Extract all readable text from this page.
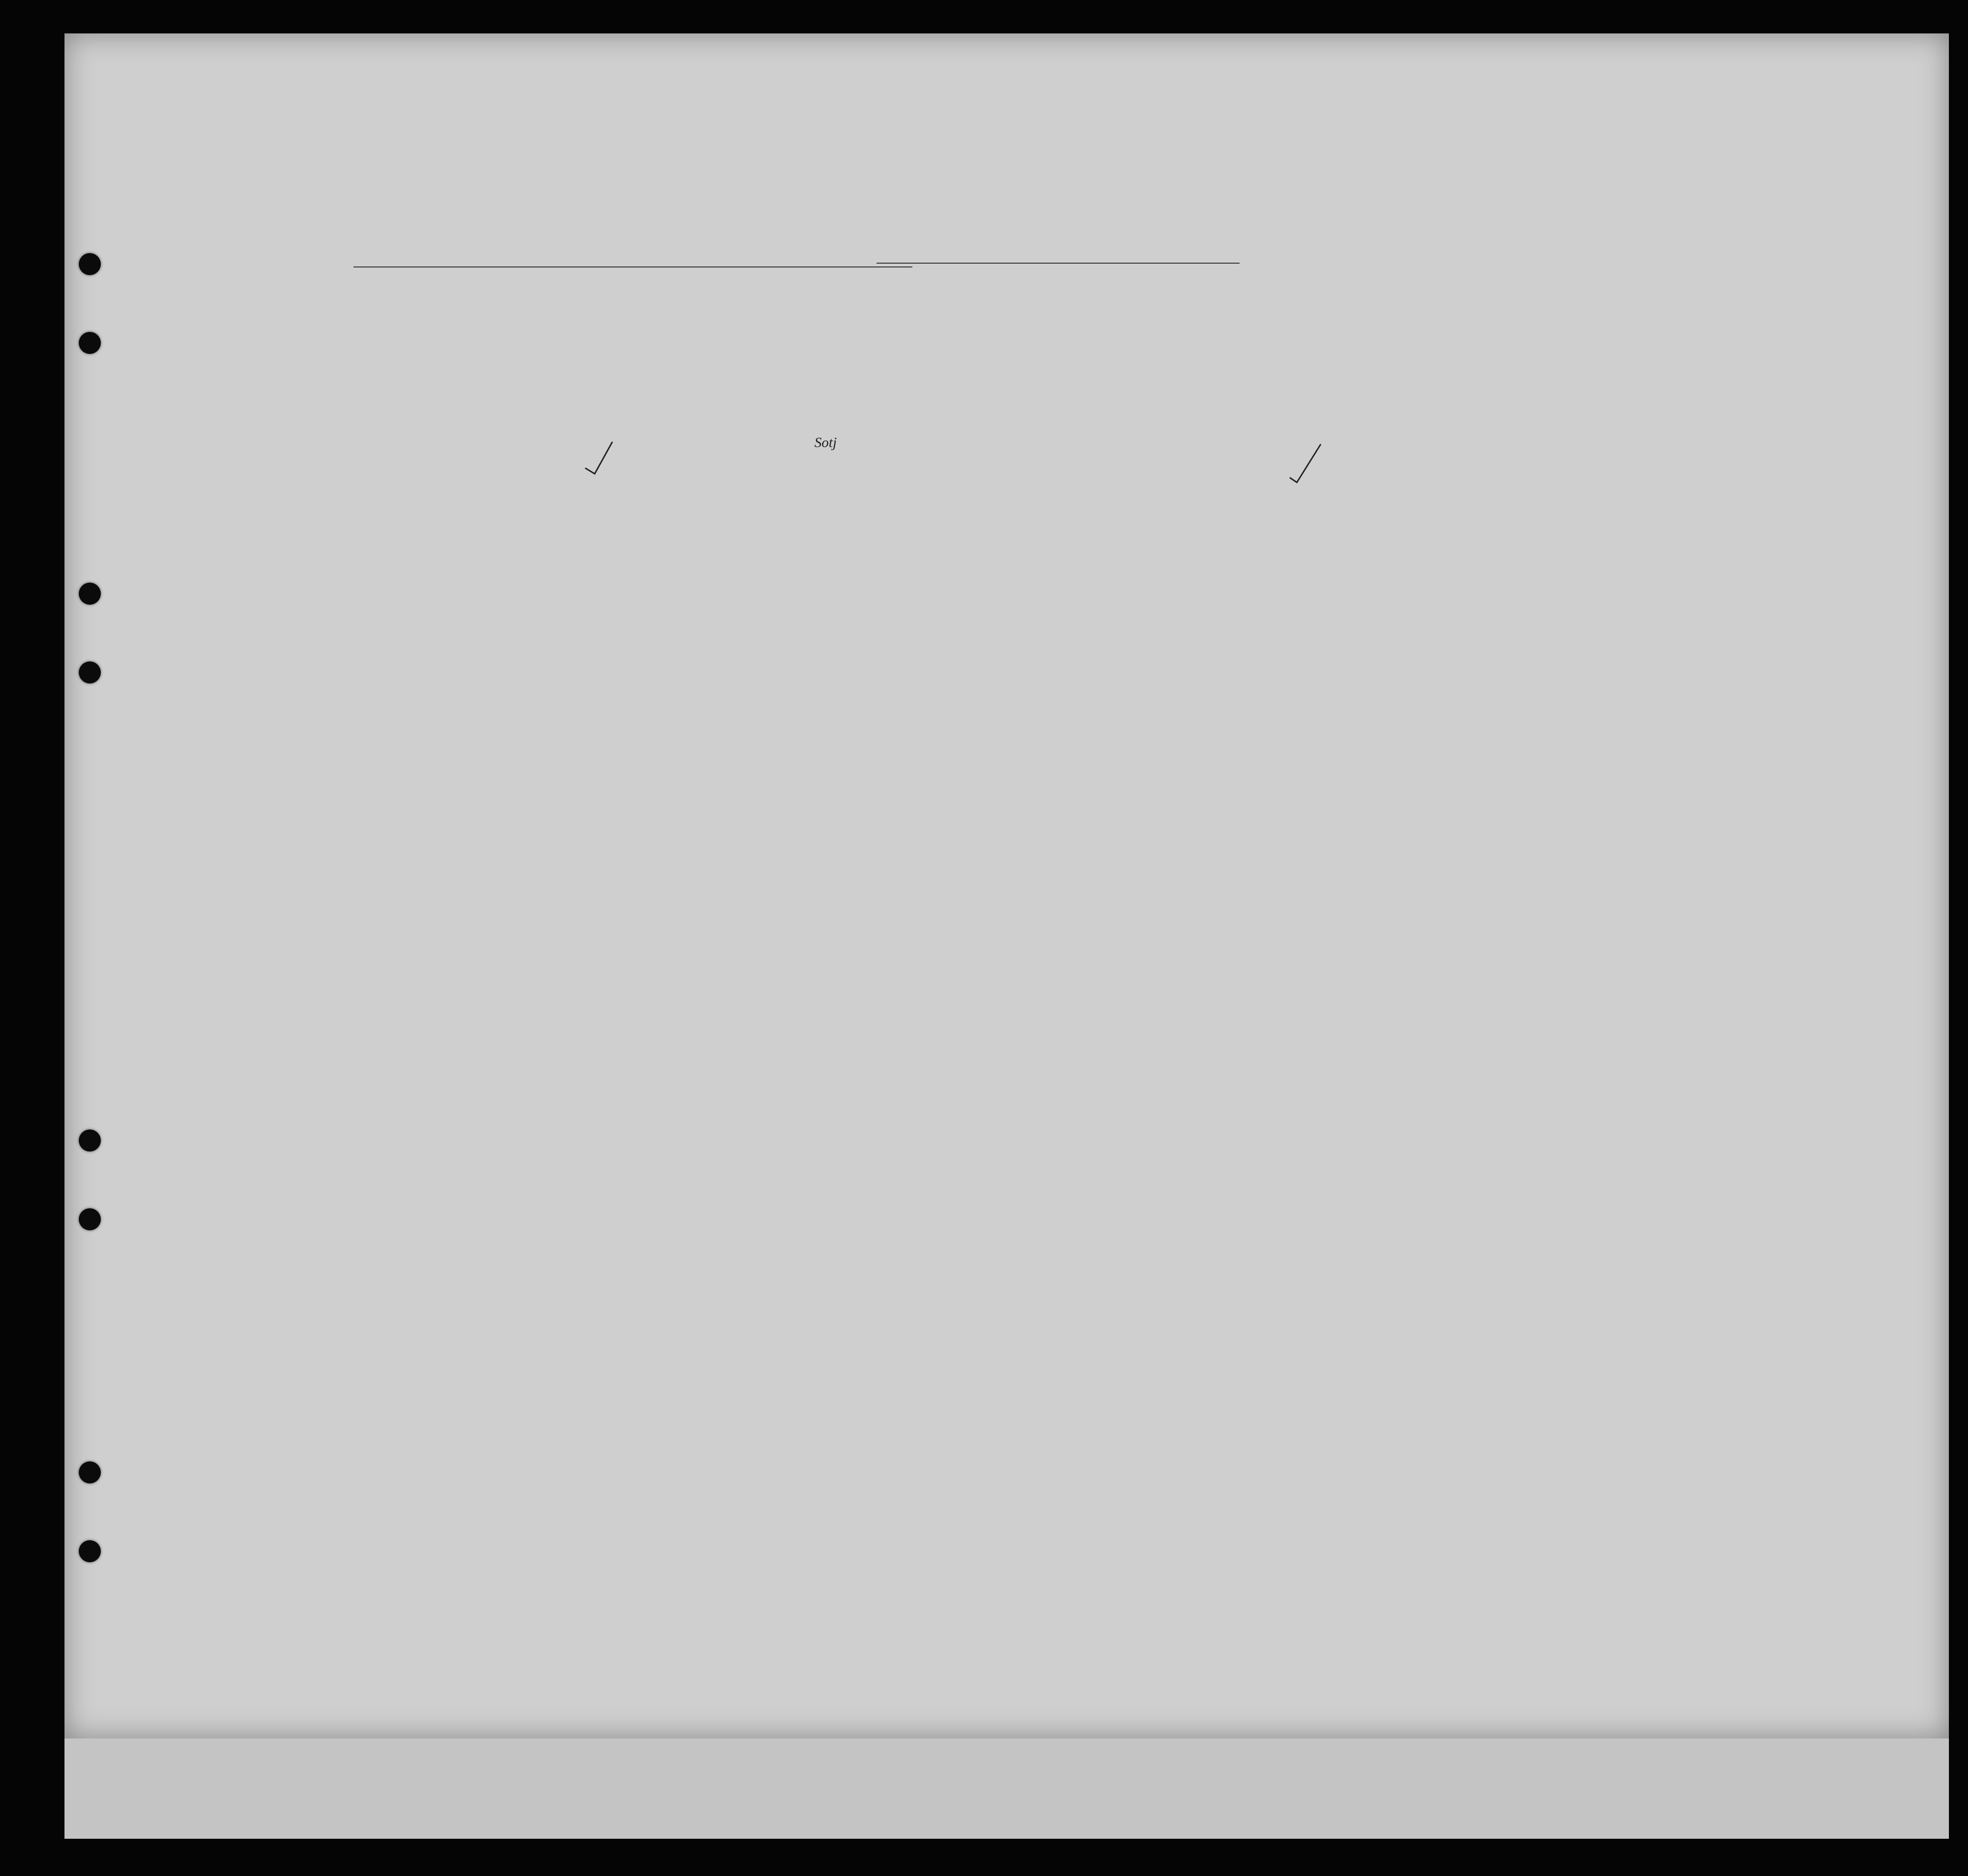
Sotj
